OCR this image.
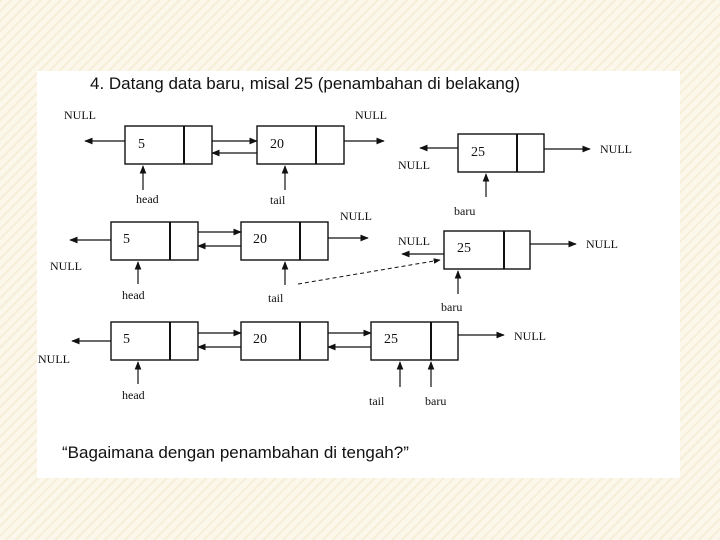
4. Datang data baru, misal 25 (penambahan di belakang)
5	20
NULL	NULL
head	tail
25
NULL
NULL
baru
5	20
NULL
NULL
head	tail
25
NULL	NULL
baru
5	20	25
NULL
NULL
head	tail	baru
“Bagaimana dengan penambahan di tengah?”
